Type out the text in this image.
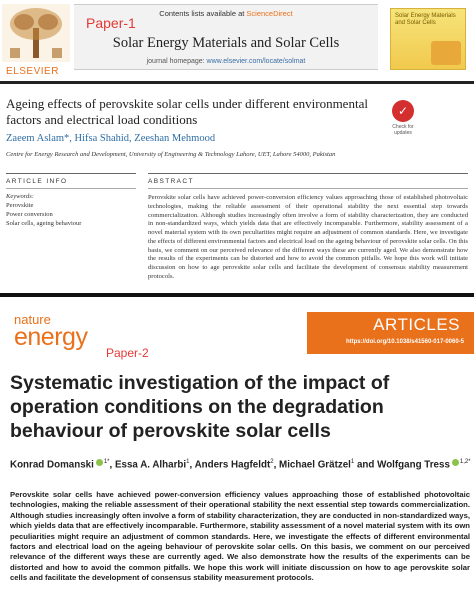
ELSEVIER
Contents lists available at ScienceDirect
Paper-1
Solar Energy Materials and Solar Cells
journal homepage: www.elsevier.com/locate/solmat
Solar Energy Materials and Solar Cells
Ageing effects of perovskite solar cells under different environmental factors and electrical load conditions
✓
Check for updates
Zaeem Aslam*, Hifsa Shahid, Zeeshan Mehmood
Centre for Energy Research and Development, University of Engineering & Technology Lahore, UET, Lahore 54000, Pakistan
ARTICLE INFO	ABSTRACT
Keywords:
Perovskite
Power conversion
Solar cells, ageing behaviour
Perovskite solar cells have achieved power-conversion efficiency values approaching those of established photovoltaic technologies, making the reliable assessment of their operational stability the next essential step towards commercialization. Although studies increasingly often involve a form of stability characterization, they are conducted in non-standardized ways, which yields data that are effectively incomparable. Furthermore, stability assessment of a novel material system with its own peculiarities might require an adjustment of common standards. Here, we investigate the effects of different environmental factors and electrical load on the ageing behaviour of perovskite solar cells. On this basis, we comment on our perceived relevance of the different ways these are currently aged. We also demonstrate how the results of the experiments can be distorted and how to avoid the common pitfalls. We hope this work will initiate discussion on how to age perovskite solar cells and facilitate the development of consensus stability measurement protocols.
nature
energy	ARTICLES
https://doi.org/10.1038/s41560-017-0060-5
Paper-2
Systematic investigation of the impact of operation conditions on the degradation behaviour of perovskite solar cells
Konrad Domanski $^{1*}$, Essa A. Alharbi$^1$, Anders Hagfeldt$^2$, Michael Grätzel$^1$ and Wolfgang Tress $^{1,2*}$
Perovskite solar cells have achieved power-conversion efficiency values approaching those of established photovoltaic technologies, making the reliable assessment of their operational stability the next essential step towards commercialization. Although studies increasingly often involve a form of stability characterization, they are conducted in non-standardized ways, which yields data that are effectively incomparable. Furthermore, stability assessment of a novel material system with its own peculiarities might require an adjustment of common standards. Here, we investigate the effects of different environmental factors and electrical load on the ageing behaviour of perovskite solar cells. On this basis, we comment on our perceived relevance of the different ways these are currently aged. We also demonstrate how the results of the experiments can be distorted and how to avoid the common pitfalls. We hope this work will initiate discussion on how to age perovskite solar cells and facilitate the development of consensus stability measurement protocols.
